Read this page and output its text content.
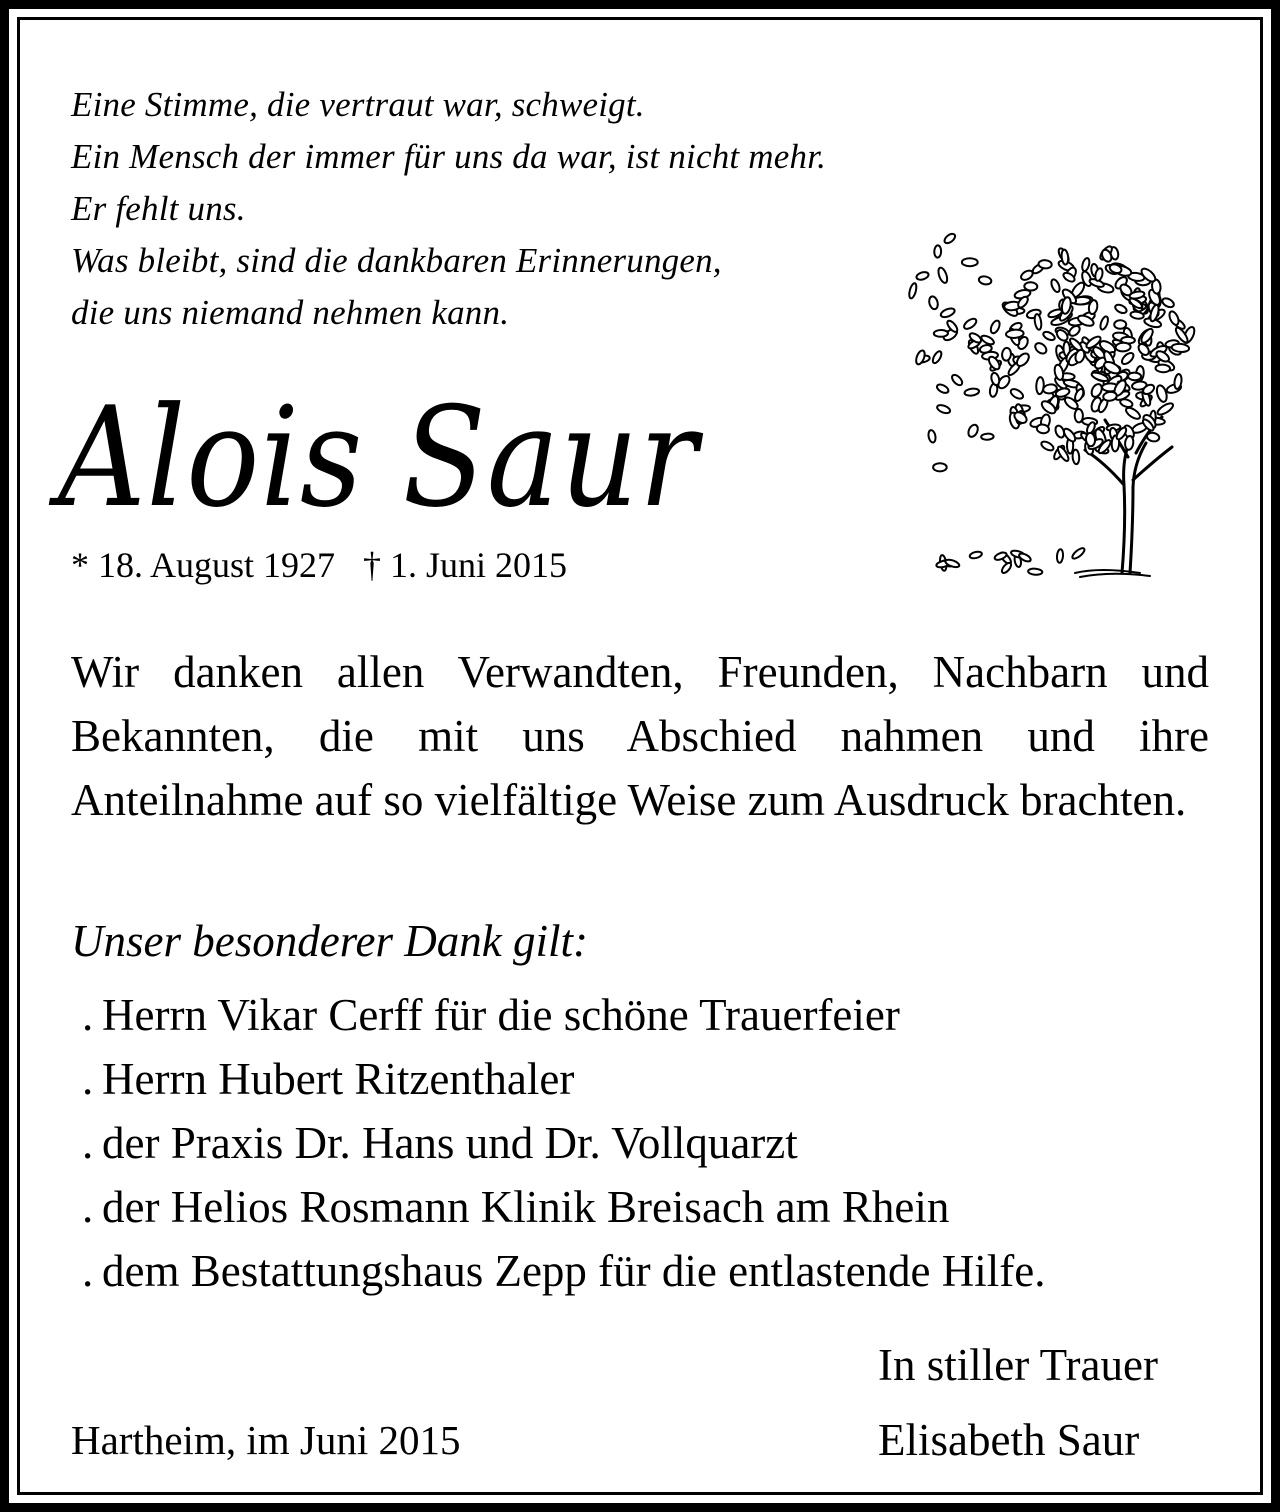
Eine Stimme, die vertraut war, schweigt.
Ein Mensch der immer für uns da war, ist nicht mehr.
Er fehlt uns.
Was bleibt, sind die dankbaren Erinnerungen,
die uns niemand nehmen kann.
Alois Saur
* 18. August 1927 † 1. Juni 2015
Wir danken allen Verwandten, Freunden, Nachbarn und Bekannten, die mit uns Abschied nahmen und ihre Anteilnahme auf so vielfältige Weise zum Ausdruck brachten.
Unser besonderer Dank gilt:
. Herrn Vikar Cerff für die schöne Trauerfeier
. Herrn Hubert Ritzenthaler
. der Praxis Dr. Hans und Dr. Vollquarzt
. der Helios Rosmann Klinik Breisach am Rhein
. dem Bestattungshaus Zepp für die entlastende Hilfe.
In stiller Trauer
Hartheim, im Juni 2015	Elisabeth Saur
